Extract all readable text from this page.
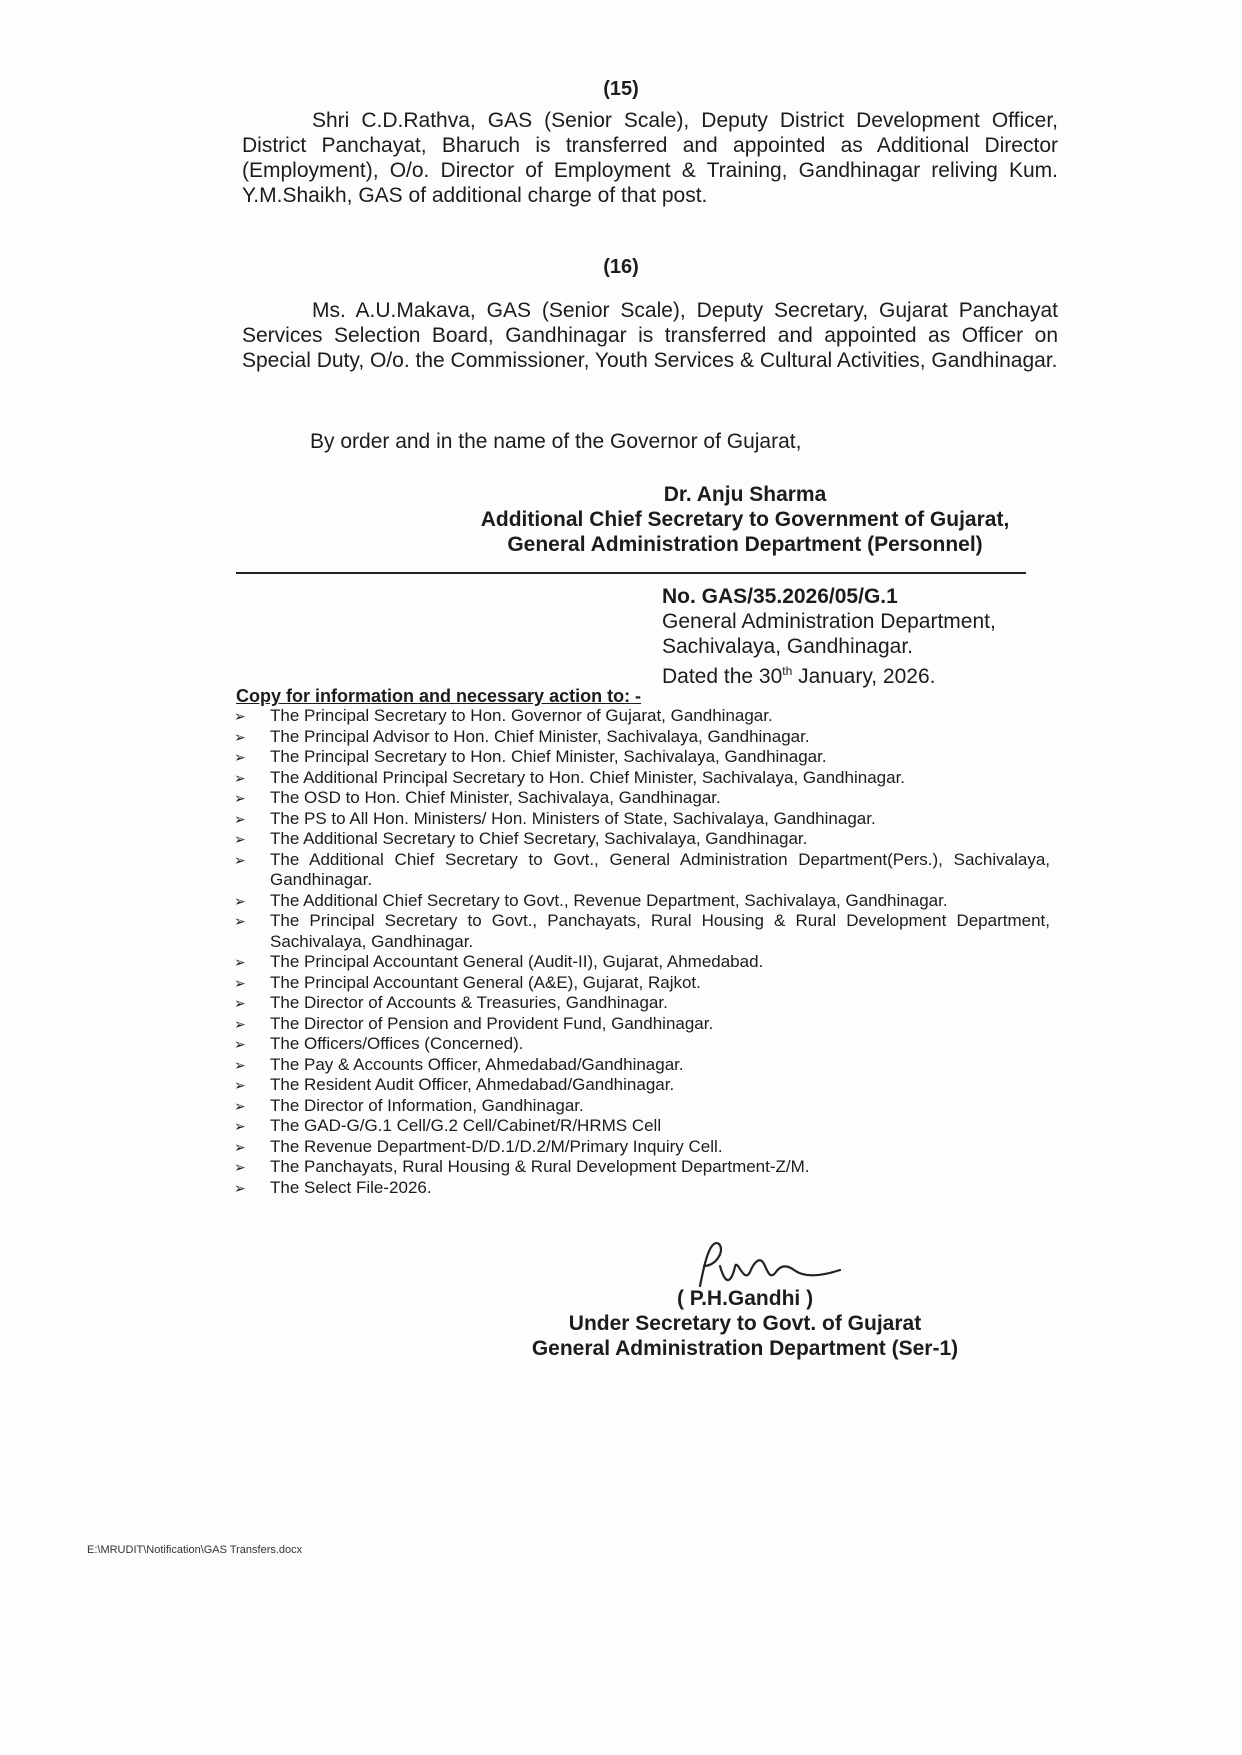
(15)
Shri C.D.Rathva, GAS (Senior Scale), Deputy District Development Officer, District Panchayat, Bharuch is transferred and appointed as Additional Director (Employment), O/o. Director of Employment & Training, Gandhinagar reliving Kum. Y.M.Shaikh, GAS of additional charge of that post.
(16)
Ms. A.U.Makava, GAS (Senior Scale), Deputy Secretary, Gujarat Panchayat Services Selection Board, Gandhinagar is transferred and appointed as Officer on Special Duty, O/o. the Commissioner, Youth Services & Cultural Activities, Gandhinagar.
By order and in the name of the Governor of Gujarat,
Dr. Anju Sharma
Additional Chief Secretary to Government of Gujarat,
General Administration Department (Personnel)
No. GAS/35.2026/05/G.1
General Administration Department,
Sachivalaya, Gandhinagar.
Dated the 30th January, 2026.
Copy for information and necessary action to: -
➢ The Principal Secretary to Hon. Governor of Gujarat, Gandhinagar.
➢ The Principal Advisor to Hon. Chief Minister, Sachivalaya, Gandhinagar.
➢ The Principal Secretary to Hon. Chief Minister, Sachivalaya, Gandhinagar.
➢ The Additional Principal Secretary to Hon. Chief Minister, Sachivalaya, Gandhinagar.
➢ The OSD to Hon. Chief Minister, Sachivalaya, Gandhinagar.
➢ The PS to All Hon. Ministers/ Hon. Ministers of State, Sachivalaya, Gandhinagar.
➢ The Additional Secretary to Chief Secretary, Sachivalaya, Gandhinagar.
➢ The Additional Chief Secretary to Govt., General Administration Department(Pers.), Sachivalaya, Gandhinagar.
➢ The Additional Chief Secretary to Govt., Revenue Department, Sachivalaya, Gandhinagar.
➢ The Principal Secretary to Govt., Panchayats, Rural Housing & Rural Development Department, Sachivalaya, Gandhinagar.
➢ The Principal Accountant General (Audit-II), Gujarat, Ahmedabad.
➢ The Principal Accountant General (A&E), Gujarat, Rajkot.
➢ The Director of Accounts & Treasuries, Gandhinagar.
➢ The Director of Pension and Provident Fund, Gandhinagar.
➢ The Officers/Offices (Concerned).
➢ The Pay & Accounts Officer, Ahmedabad/Gandhinagar.
➢ The Resident Audit Officer, Ahmedabad/Gandhinagar.
➢ The Director of Information, Gandhinagar.
➢ The GAD-G/G.1 Cell/G.2 Cell/Cabinet/R/HRMS Cell
➢ The Revenue Department-D/D.1/D.2/M/Primary Inquiry Cell.
➢ The Panchayats, Rural Housing & Rural Development Department-Z/M.
➢ The Select File-2026.
( P.H.Gandhi )
Under Secretary to Govt. of Gujarat
General Administration Department (Ser-1)
E:\MRUDIT\Notification\GAS Transfers.docx
